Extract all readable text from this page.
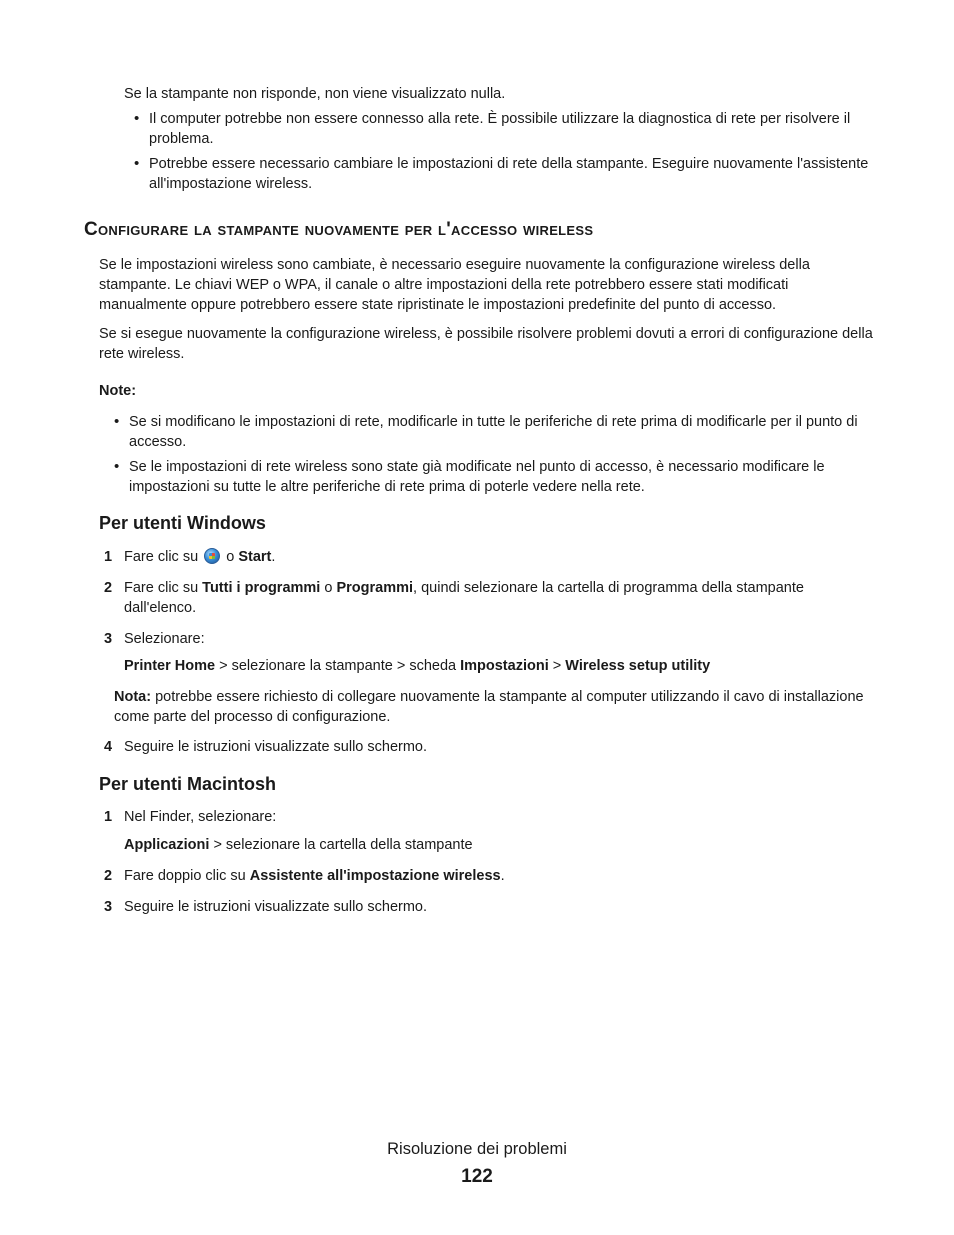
Se la stampante non risponde, non viene visualizzato nulla.

• Il computer potrebbe non essere connesso alla rete. È possibile utilizzare la diagnostica di rete per risolvere il problema.
• Potrebbe essere necessario cambiare le impostazioni di rete della stampante. Eseguire nuovamente l'assistente all'impostazione wireless.
Configurare la stampante nuovamente per l'accesso wireless

Se le impostazioni wireless sono cambiate, è necessario eseguire nuovamente la configurazione wireless della stampante. Le chiavi WEP o WPA, il canale o altre impostazioni della rete potrebbero essere stati modificati manualmente oppure potrebbero essere state ripristinate le impostazioni predefinite del punto di accesso.

Se si esegue nuovamente la configurazione wireless, è possibile risolvere problemi dovuti a errori di configurazione della rete wireless.

Note:

• Se si modificano le impostazioni di rete, modificarle in tutte le periferiche di rete prima di modificarle per il punto di accesso.
• Se le impostazioni di rete wireless sono state già modificate nel punto di accesso, è necessario modificare le impostazioni su tutte le altre periferiche di rete prima di poterle vedere nella rete.
Per utenti Windows
1 Fare clic su o Start.
2 Fare clic su Tutti i programmi o Programmi, quindi selezionare la cartella di programma della stampante dall'elenco.
3 Selezionare:
Printer Home > selezionare la stampante > scheda Impostazioni > Wireless setup utility

Nota: potrebbe essere richiesto di collegare nuovamente la stampante al computer utilizzando il cavo di installazione come parte del processo di configurazione.

4 Seguire le istruzioni visualizzate sullo schermo.
Per utenti Macintosh
1 Nel Finder, selezionare:
Applicazioni > selezionare la cartella della stampante
2 Fare doppio clic su Assistente all'impostazione wireless.
3 Seguire le istruzioni visualizzate sullo schermo.
Risoluzione dei problemi
122
